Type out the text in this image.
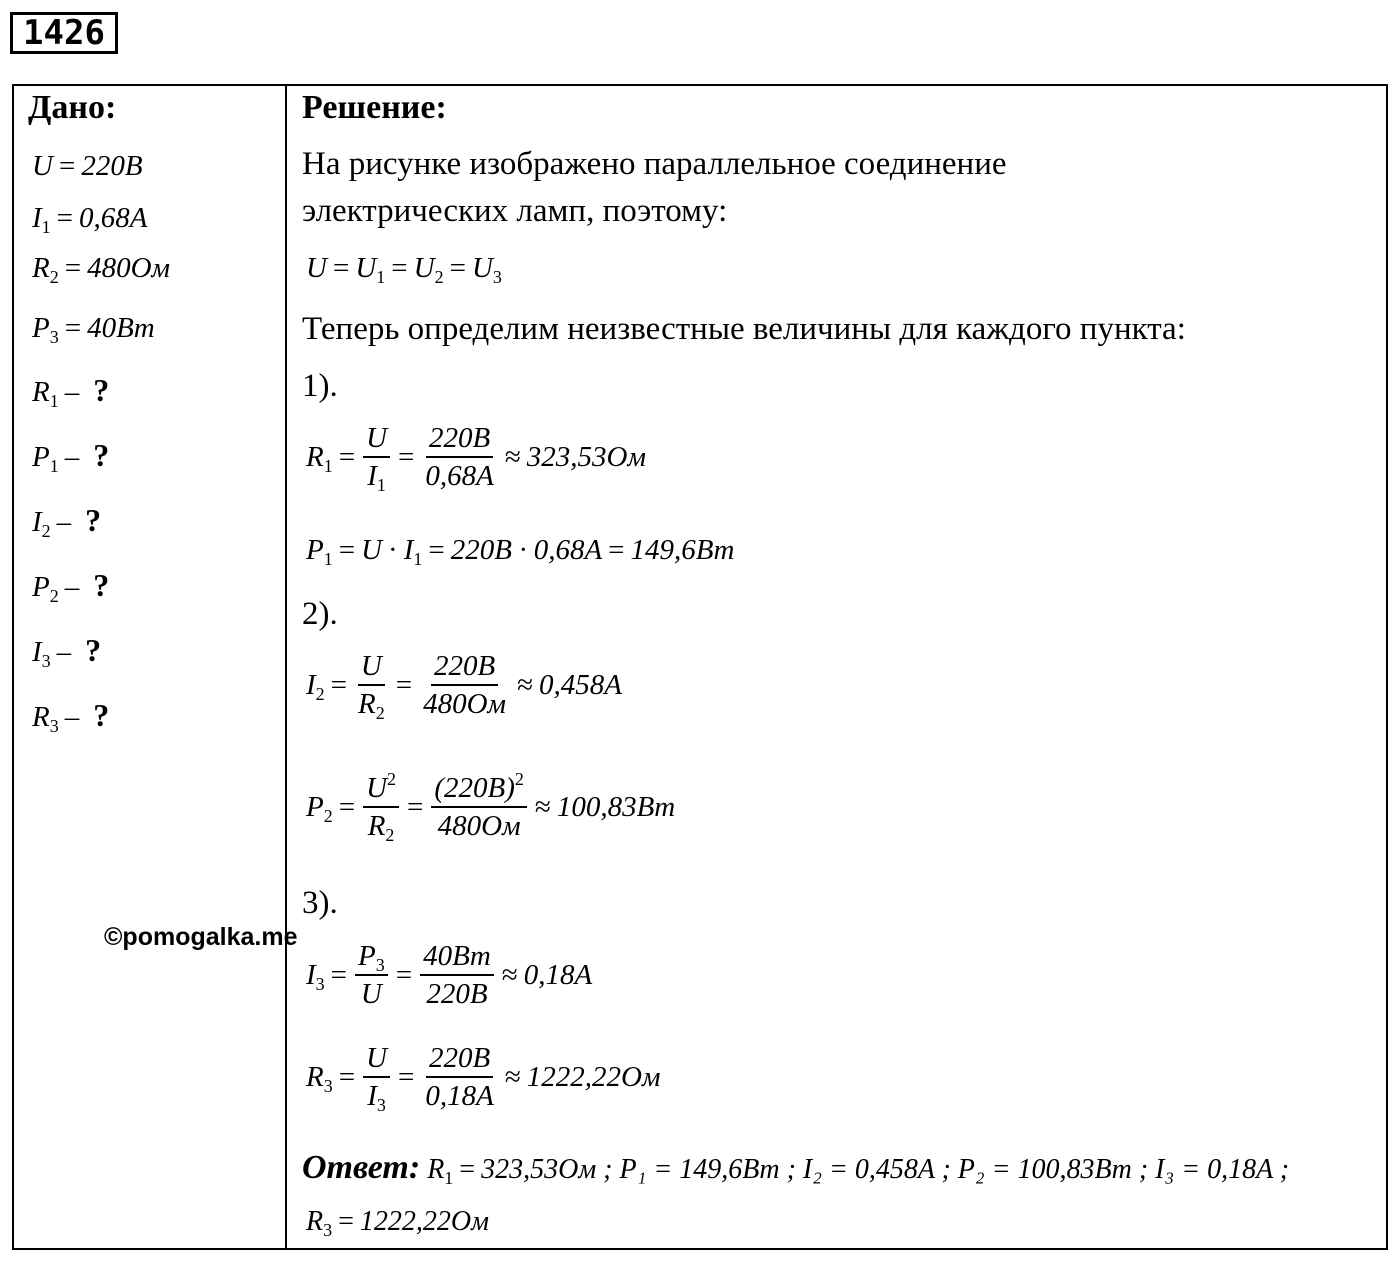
1426
Дано:
U = 220B
$I_1 = 0,68A$
$R_2 = 480Ом$
$P_3 = 40Bm$
$R_1$ – ?
$P_1$ – ?
$I_2$ – ?
$P_2$ – ?
$I_3$ – ?
$R_3$ – ?
Решение:
На рисунке изображено параллельное соединение
электрических ламп, поэтому:
$U = U_1 = U_2 = U_3$
Теперь определим неизвестные величины для каждого пункта:
1).
$R_1 = \frac{U}{I_1} = \frac{220B}{0,68A} \approx 323,53Ом$
$P_1 = U \cdot I_1 = 220B \cdot 0,68A = 149,6Bm$
2).
$I_2 = \frac{U}{R_2} = \frac{220B}{480Ом} \approx 0,458A$
$P_2 = \frac{U^2}{R_2} = \frac{(220B)^2}{480Ом} \approx 100,83Bm$
3).
$I_3 = \frac{P_3}{U} = \frac{40Bm}{220B} \approx 0,18A$
$R_3 = \frac{U}{I_3} = \frac{220B}{0,18A} \approx 1222,22Ом$
Ответ: $R_1 = 323,53Ом$ ; P₁ = 149,6Bm ; I₂ = 0,458A ; P₂ = 100,83Bm ; I₃ = 0,18A ;
$R_3 = 1222,22Ом$
©pomogalka.me
